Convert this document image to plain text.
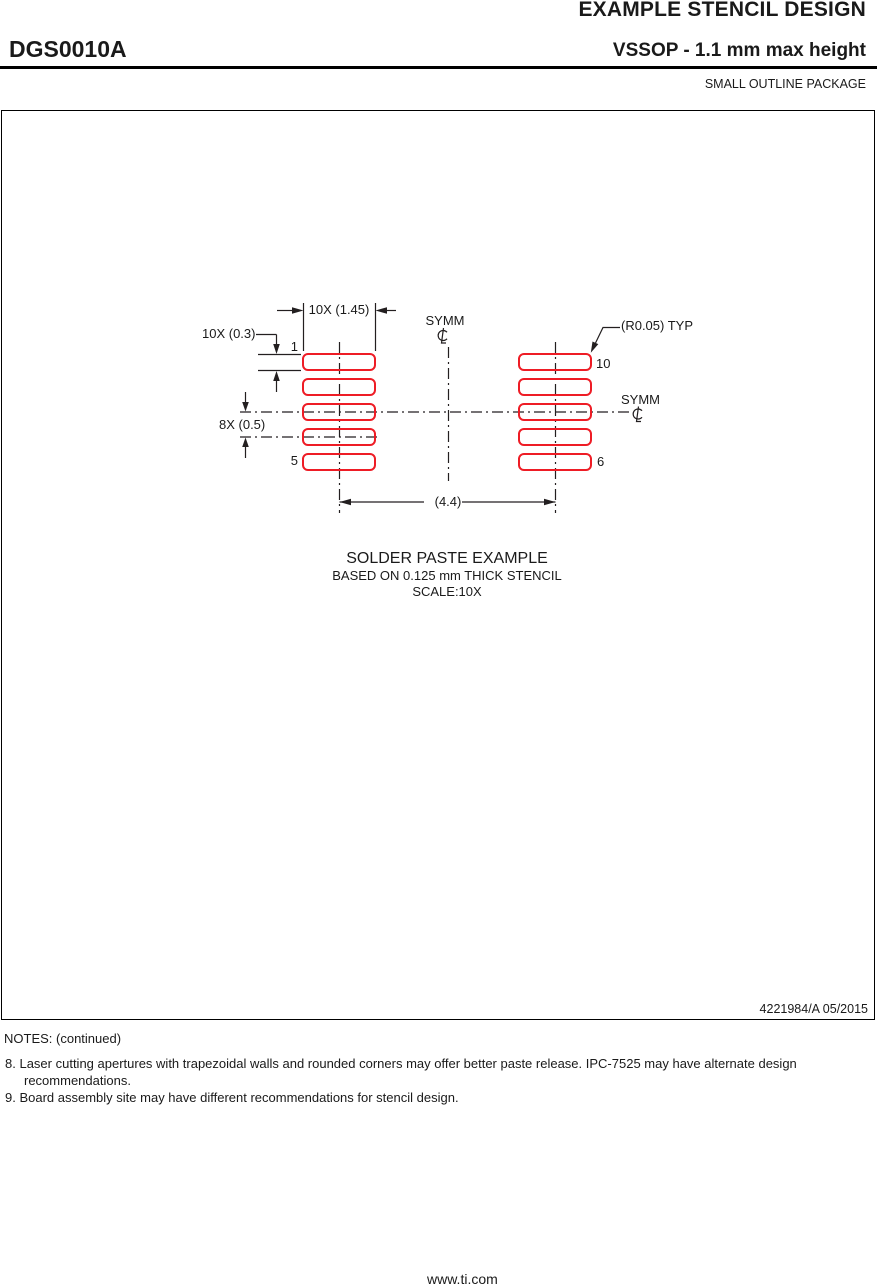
EXAMPLE STENCIL DESIGN
DGS0010A	VSSOP - 1.1 mm max height
SMALL OUTLINE PACKAGE
10X (1.45)
10X (0.3)
8X (0.5)
(4.4)
(R0.05) TYP
SYMM
SYMM
1
5
10
6
SOLDER PASTE EXAMPLE
BASED ON 0.125 mm THICK STENCIL
SCALE:10X
4221984/A 05/2015
NOTES: (continued)

8. Laser cutting apertures with trapezoidal walls and rounded corners may offer better paste release. IPC-7525 may have alternate design recommendations.

9. Board assembly site may have different recommendations for stencil design.

www.ti.com
